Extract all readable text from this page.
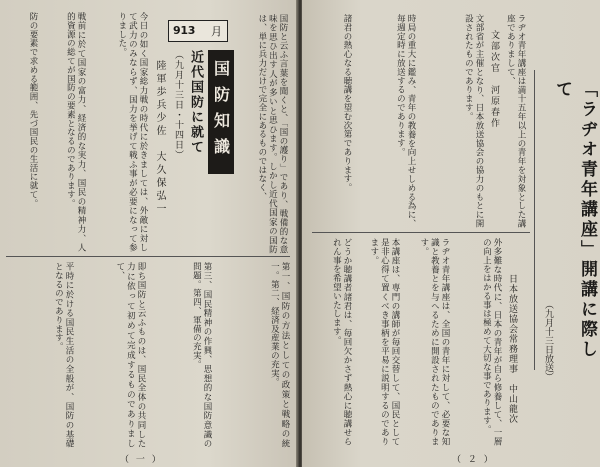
国防と云ふ言葉を聞くと、「国の護り」であり、戦備的な意味を思ひ出す人が多いと思ひます。しかし近代国家の国防は、単に兵力だけで完全にあるものではなく、
913 月
国防知識
近代国防に就て
（九月十三日・十四日）
陸軍歩兵少佐　大久保弘一
今日の如く国家総力戦の時代に於きましては、外敵に対して武力のみならず、国力を挙げて戦ふ事が必要になって参りました。
戦前に於て国家の富力、経済的な実力、国民の精神力、人的資源の総てが国防の要素となるのであります。
防の要素で求める範囲、先づ国民の生活に就て。
第一、国防の方法としての政策と戦略の統一。第二、経済及産業の充実。
第三、国民精神の作興、思想的な国防意識の問題。第四、軍備の充実。
即ち国防と云ふものは、国民全体の共同した力に依って初めて完成するものでありまして、
平時に於ける国民生活の全般が、国防の基礎となるのであります。
（ 一 ）
ラヂオ青年講座は満十五年以上の青年を対象とした講座でありまして、
文部次官　河原春作
文部省が主催となり、日本放送協会の協力のもとに開設されたものであります。
時局の重大に鑑み、青年の教養を向上せしめる為に、毎週定時に放送するのであります。
諸君の熱心なる聴講を望む次第であります。	「ラヂオ青年講座」開講に際して
（九月十三日放送）
日本放送協会常務理事　中山龍次
外多難な時代に、日本の青年が自ら修養して、一層の向上をはかる事は極めて大切な事であります。
ラヂオ青年講座は、全国の青年に対して、必要な知識と教養とを与へるために開設されたものであります。
本講座は、専門の講師が毎回交替して、国民として是非心得て置くべき事柄を平易に説明するのであります。
どうか聴講者諸君は、毎回欠かさず熱心に聴講せられん事を希望いたします。
（ ２ ）
